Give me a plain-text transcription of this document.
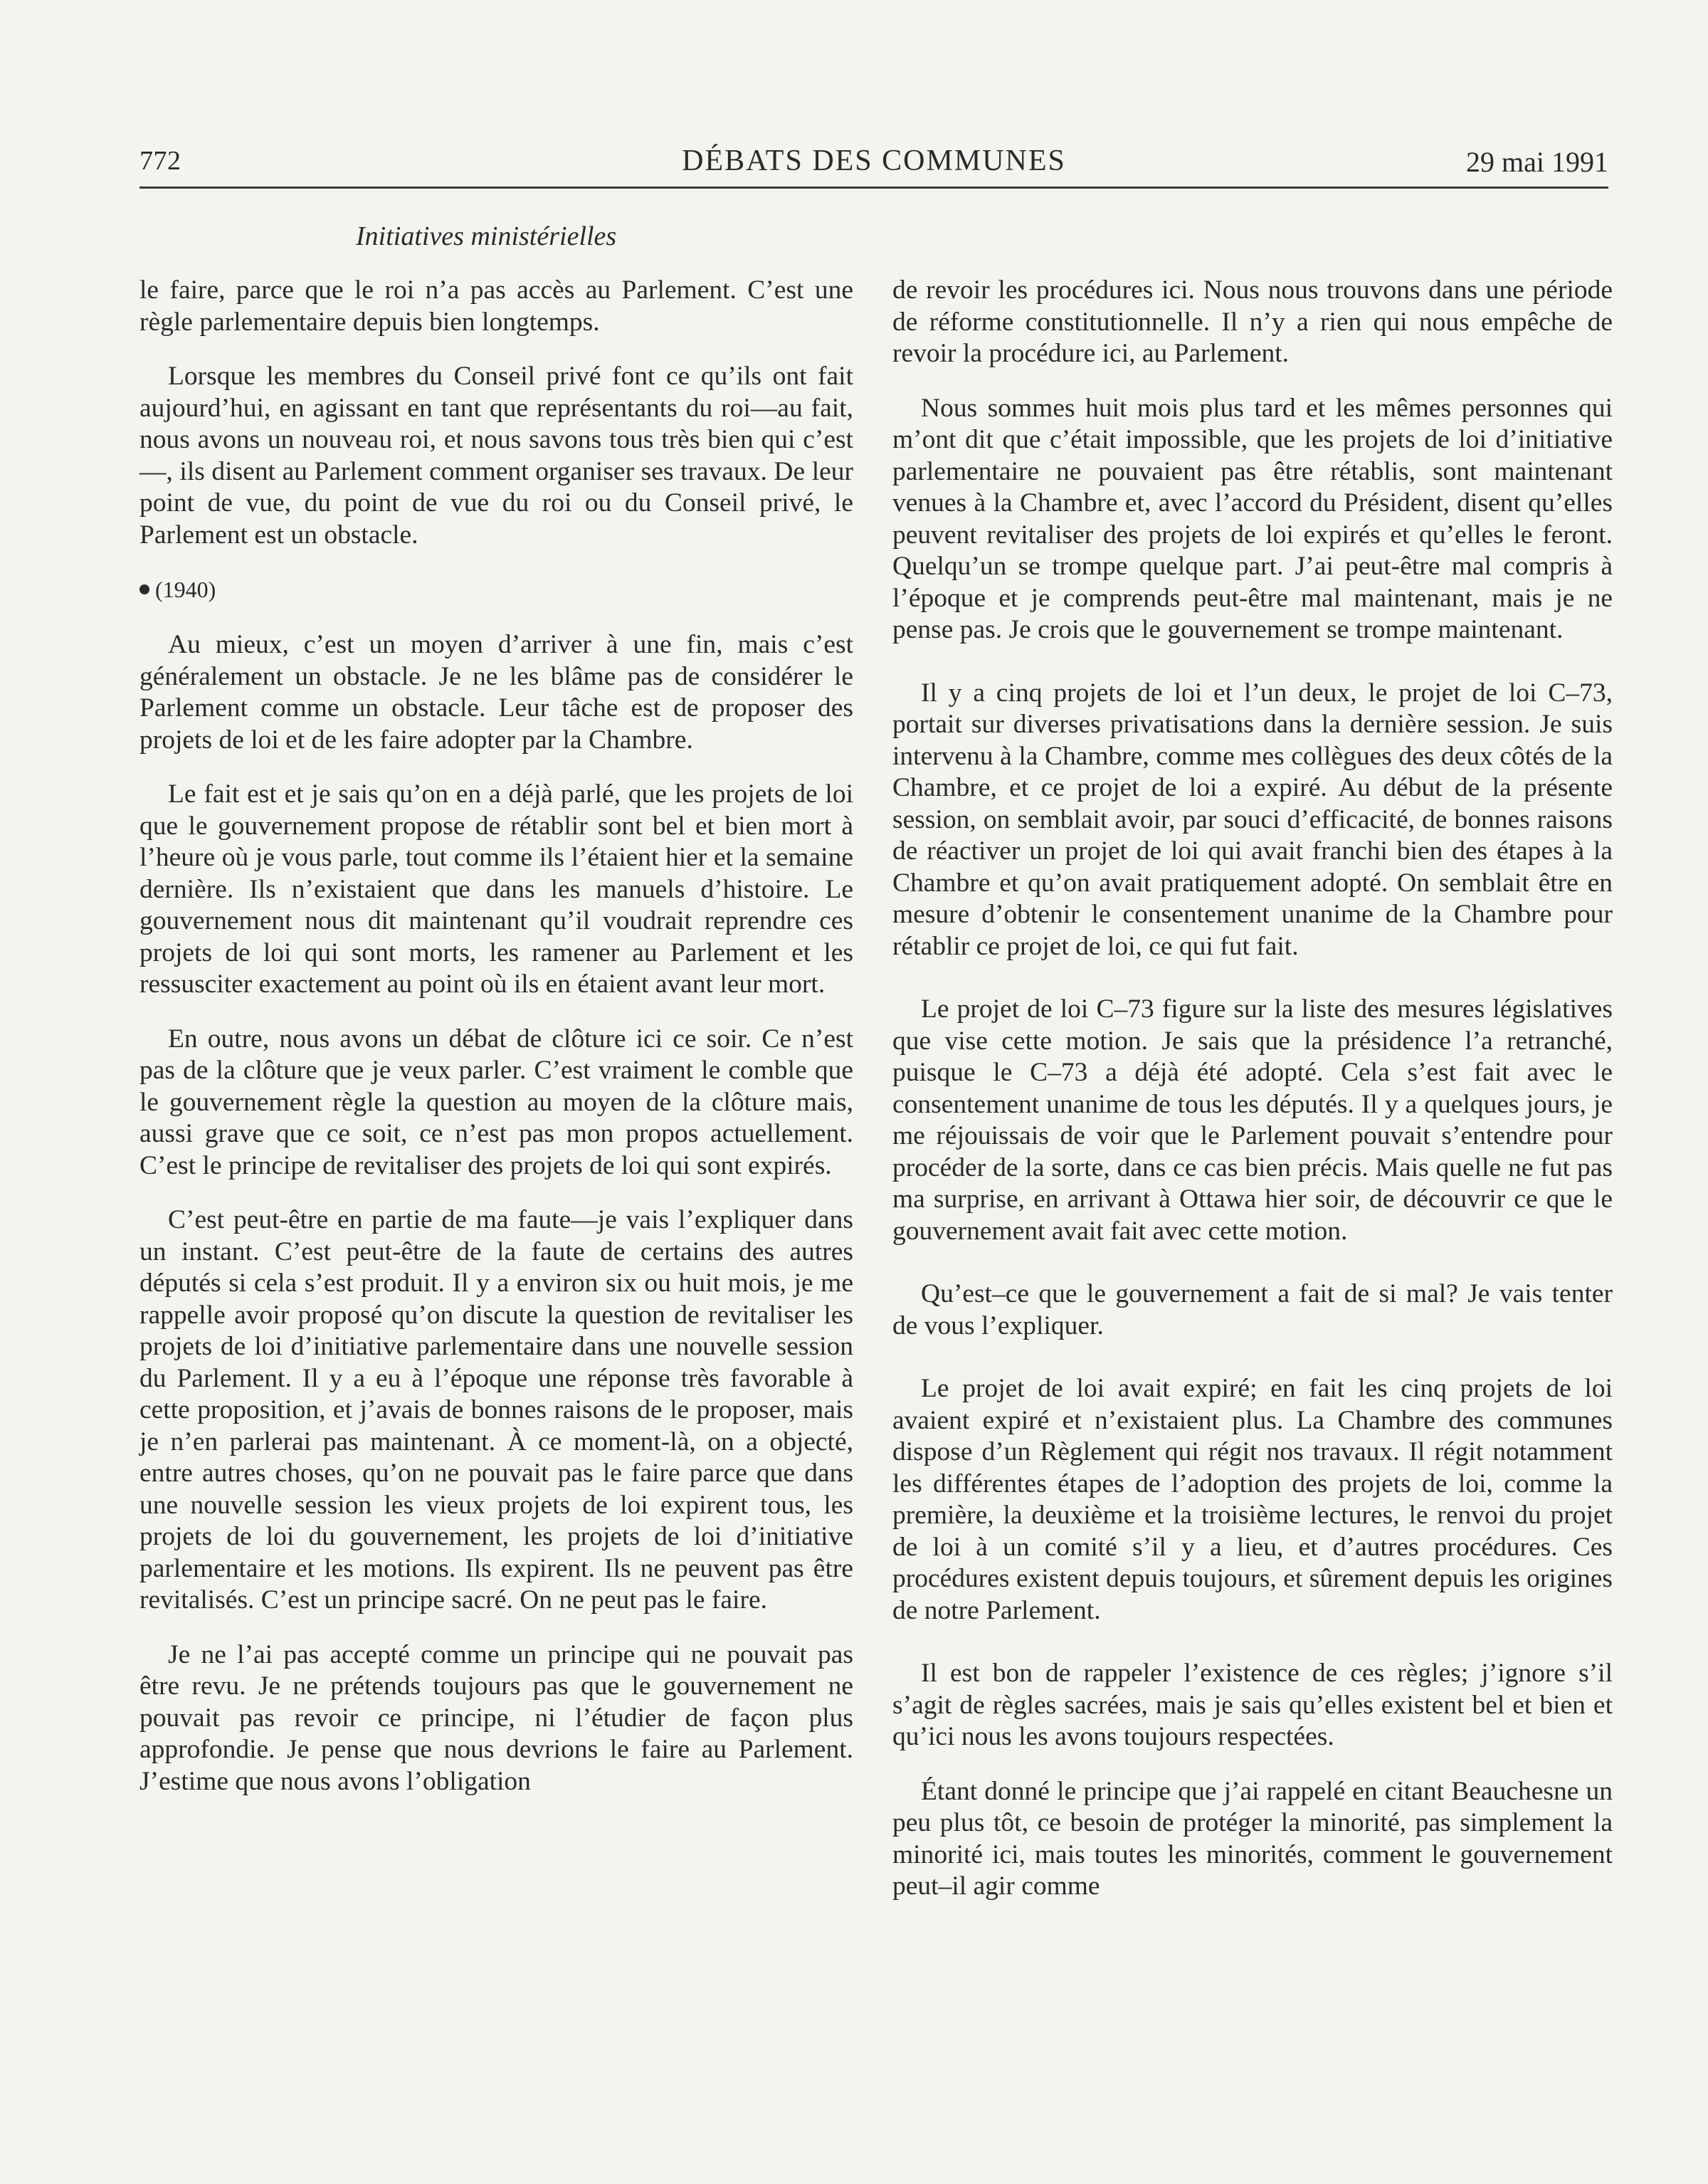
772	DÉBATS DES COMMUNES	29 mai 1991
Initiatives ministérielles

le faire, parce que le roi n’a pas accès au Parlement. C’est une règle parlementaire depuis bien longtemps.

Lorsque les membres du Conseil privé font ce qu’ils ont fait aujourd’hui, en agissant en tant que représentants du roi—au fait, nous avons un nouveau roi, et nous savons tous très bien qui c’est—, ils disent au Parlement comment organiser ses travaux. De leur point de vue, du point de vue du roi ou du Conseil privé, le Parlement est un obstacle.

(1940)

Au mieux, c’est un moyen d’arriver à une fin, mais c’est généralement un obstacle. Je ne les blâme pas de considérer le Parlement comme un obstacle. Leur tâche est de proposer des projets de loi et de les faire adopter par la Chambre.

Le fait est et je sais qu’on en a déjà parlé, que les projets de loi que le gouvernement propose de rétablir sont bel et bien mort à l’heure où je vous parle, tout comme ils l’étaient hier et la semaine dernière. Ils n’existaient que dans les manuels d’histoire. Le gouvernement nous dit maintenant qu’il voudrait reprendre ces projets de loi qui sont morts, les ramener au Parlement et les ressusciter exactement au point où ils en étaient avant leur mort.

En outre, nous avons un débat de clôture ici ce soir. Ce n’est pas de la clôture que je veux parler. C’est vraiment le comble que le gouvernement règle la question au moyen de la clôture mais, aussi grave que ce soit, ce n’est pas mon propos actuellement. C’est le principe de revitaliser des projets de loi qui sont expirés.

C’est peut-être en partie de ma faute—je vais l’expliquer dans un instant. C’est peut-être de la faute de certains des autres députés si cela s’est produit. Il y a environ six ou huit mois, je me rappelle avoir proposé qu’on discute la question de revitaliser les projets de loi d’initiative parlementaire dans une nouvelle session du Parlement. Il y a eu à l’époque une réponse très favorable à cette proposition, et j’avais de bonnes raisons de le proposer, mais je n’en parlerai pas maintenant. À ce moment-là, on a objecté, entre autres choses, qu’on ne pouvait pas le faire parce que dans une nouvelle session les vieux projets de loi expirent tous, les projets de loi du gouvernement, les projets de loi d’initiative parlementaire et les motions. Ils expirent. Ils ne peuvent pas être revitalisés. C’est un principe sacré. On ne peut pas le faire.

Je ne l’ai pas accepté comme un principe qui ne pouvait pas être revu. Je ne prétends toujours pas que le gouvernement ne pouvait pas revoir ce principe, ni l’étudier de façon plus approfondie. Je pense que nous devrions le faire au Parlement. J’estime que nous avons l’obligation

de revoir les procédures ici. Nous nous trouvons dans une période de réforme constitutionnelle. Il n’y a rien qui nous empêche de revoir la procédure ici, au Parlement.

Nous sommes huit mois plus tard et les mêmes personnes qui m’ont dit que c’était impossible, que les projets de loi d’initiative parlementaire ne pouvaient pas être rétablis, sont maintenant venues à la Chambre et, avec l’accord du Président, disent qu’elles peuvent revitaliser des projets de loi expirés et qu’elles le feront. Quelqu’un se trompe quelque part. J’ai peut-être mal compris à l’époque et je comprends peut-être mal maintenant, mais je ne pense pas. Je crois que le gouvernement se trompe maintenant.

Il y a cinq projets de loi et l’un deux, le projet de loi C–73, portait sur diverses privatisations dans la dernière session. Je suis intervenu à la Chambre, comme mes collègues des deux côtés de la Chambre, et ce projet de loi a expiré. Au début de la présente session, on semblait avoir, par souci d’efficacité, de bonnes raisons de réactiver un projet de loi qui avait franchi bien des étapes à la Chambre et qu’on avait pratiquement adopté. On semblait être en mesure d’obtenir le consentement unanime de la Chambre pour rétablir ce projet de loi, ce qui fut fait.

Le projet de loi C–73 figure sur la liste des mesures législatives que vise cette motion. Je sais que la présidence l’a retranché, puisque le C–73 a déjà été adopté. Cela s’est fait avec le consentement unanime de tous les députés. Il y a quelques jours, je me réjouissais de voir que le Parlement pouvait s’entendre pour procéder de la sorte, dans ce cas bien précis. Mais quelle ne fut pas ma surprise, en arrivant à Ottawa hier soir, de découvrir ce que le gouvernement avait fait avec cette motion.

Qu’est–ce que le gouvernement a fait de si mal? Je vais tenter de vous l’expliquer.

Le projet de loi avait expiré; en fait les cinq projets de loi avaient expiré et n’existaient plus. La Chambre des communes dispose d’un Règlement qui régit nos travaux. Il régit notamment les différentes étapes de l’adoption des projets de loi, comme la première, la deuxième et la troisième lectures, le renvoi du projet de loi à un comité s’il y a lieu, et d’autres procédures. Ces procédures existent depuis toujours, et sûrement depuis les origines de notre Parlement.

Il est bon de rappeler l’existence de ces règles; j’ignore s’il s’agit de règles sacrées, mais je sais qu’elles existent bel et bien et qu’ici nous les avons toujours respectées.

Étant donné le principe que j’ai rappelé en citant Beauchesne un peu plus tôt, ce besoin de protéger la minorité, pas simplement la minorité ici, mais toutes les minorités, comment le gouvernement peut–il agir comme
